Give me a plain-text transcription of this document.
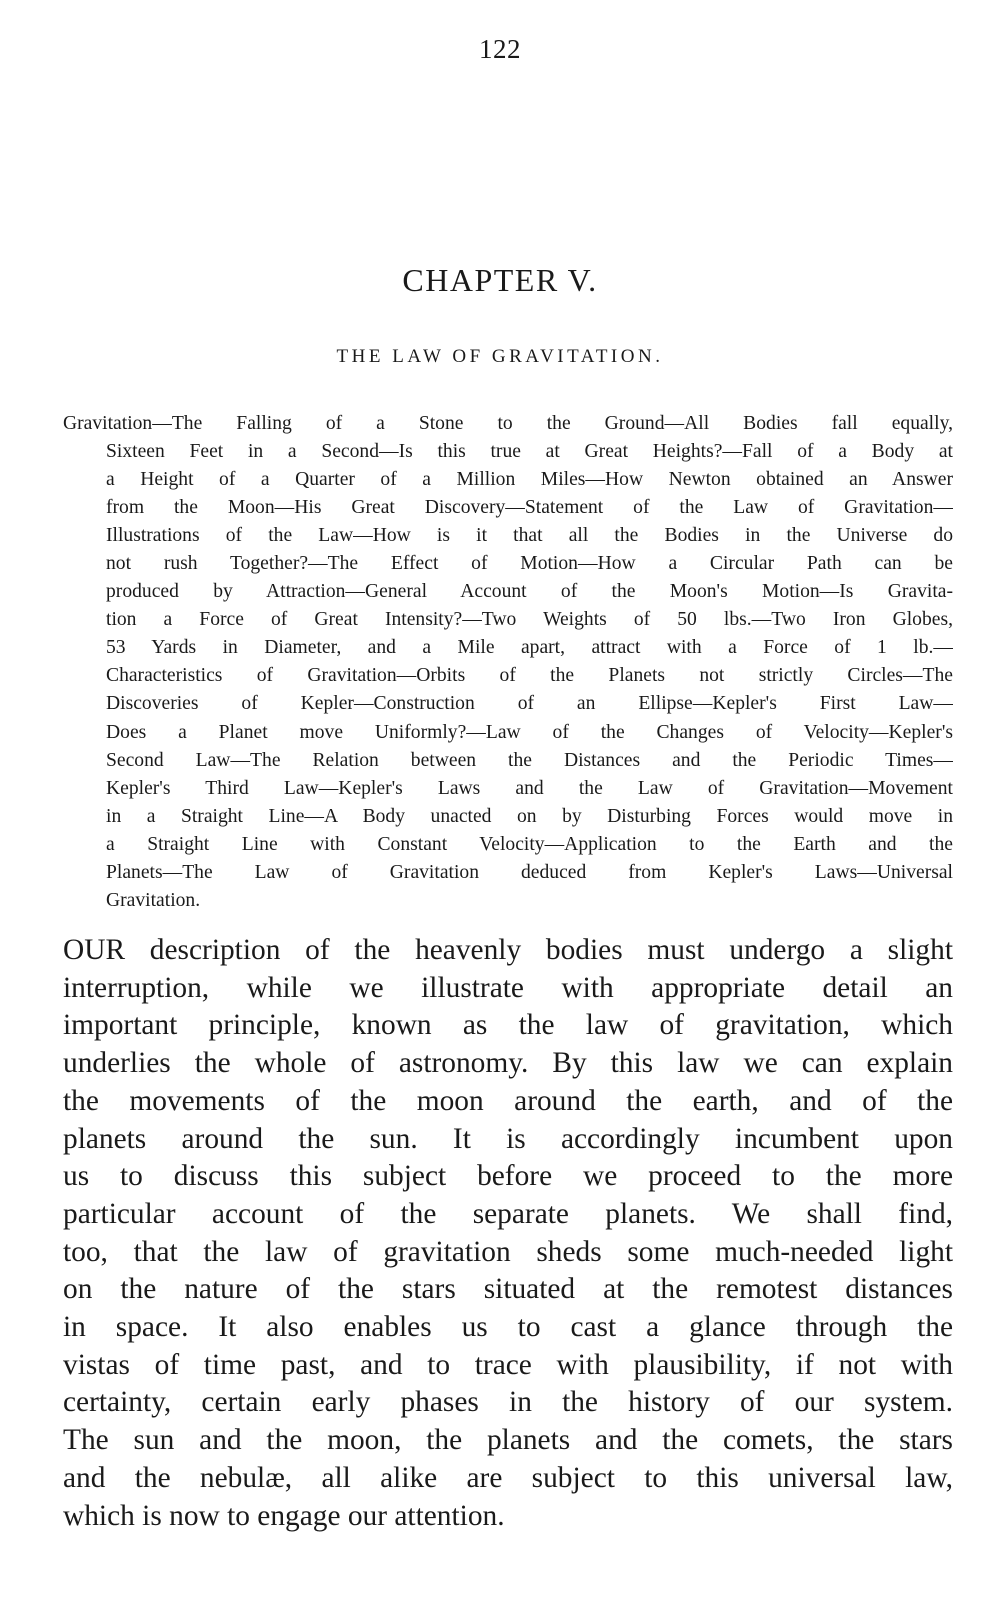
122
CHAPTER V.
THE LAW OF GRAVITATION.
Gravitation—The Falling of a Stone to the Ground—All Bodies fall equally,
Sixteen Feet in a Second—Is this true at Great Heights?—Fall of a Body at
a Height of a Quarter of a Million Miles—How Newton obtained an Answer
from the Moon—His Great Discovery—Statement of the Law of Gravitation—
Illustrations of the Law—How is it that all the Bodies in the Universe do
not rush Together?—The Effect of Motion—How a Circular Path can be
produced by Attraction—General Account of the Moon's Motion—Is Gravita-
tion a Force of Great Intensity?—Two Weights of 50 lbs.—Two Iron Globes,
53 Yards in Diameter, and a Mile apart, attract with a Force of 1 lb.—
Characteristics of Gravitation—Orbits of the Planets not strictly Circles—The
Discoveries of Kepler—Construction of an Ellipse—Kepler's First Law—
Does a Planet move Uniformly?—Law of the Changes of Velocity—Kepler's
Second Law—The Relation between the Distances and the Periodic Times—
Kepler's Third Law—Kepler's Laws and the Law of Gravitation—Movement
in a Straight Line—A Body unacted on by Disturbing Forces would move in
a Straight Line with Constant Velocity—Application to the Earth and the
Planets—The Law of Gravitation deduced from Kepler's Laws—Universal
Gravitation.
OUR description of the heavenly bodies must undergo a slight
interruption, while we illustrate with appropriate detail an
important principle, known as the law of gravitation, which
underlies the whole of astronomy. By this law we can explain
the movements of the moon around the earth, and of the
planets around the sun. It is accordingly incumbent upon
us to discuss this subject before we proceed to the more
particular account of the separate planets. We shall find,
too, that the law of gravitation sheds some much-needed light
on the nature of the stars situated at the remotest distances
in space. It also enables us to cast a glance through the
vistas of time past, and to trace with plausibility, if not with
certainty, certain early phases in the history of our system.
The sun and the moon, the planets and the comets, the stars
and the nebulæ, all alike are subject to this universal law,
which is now to engage our attention.
